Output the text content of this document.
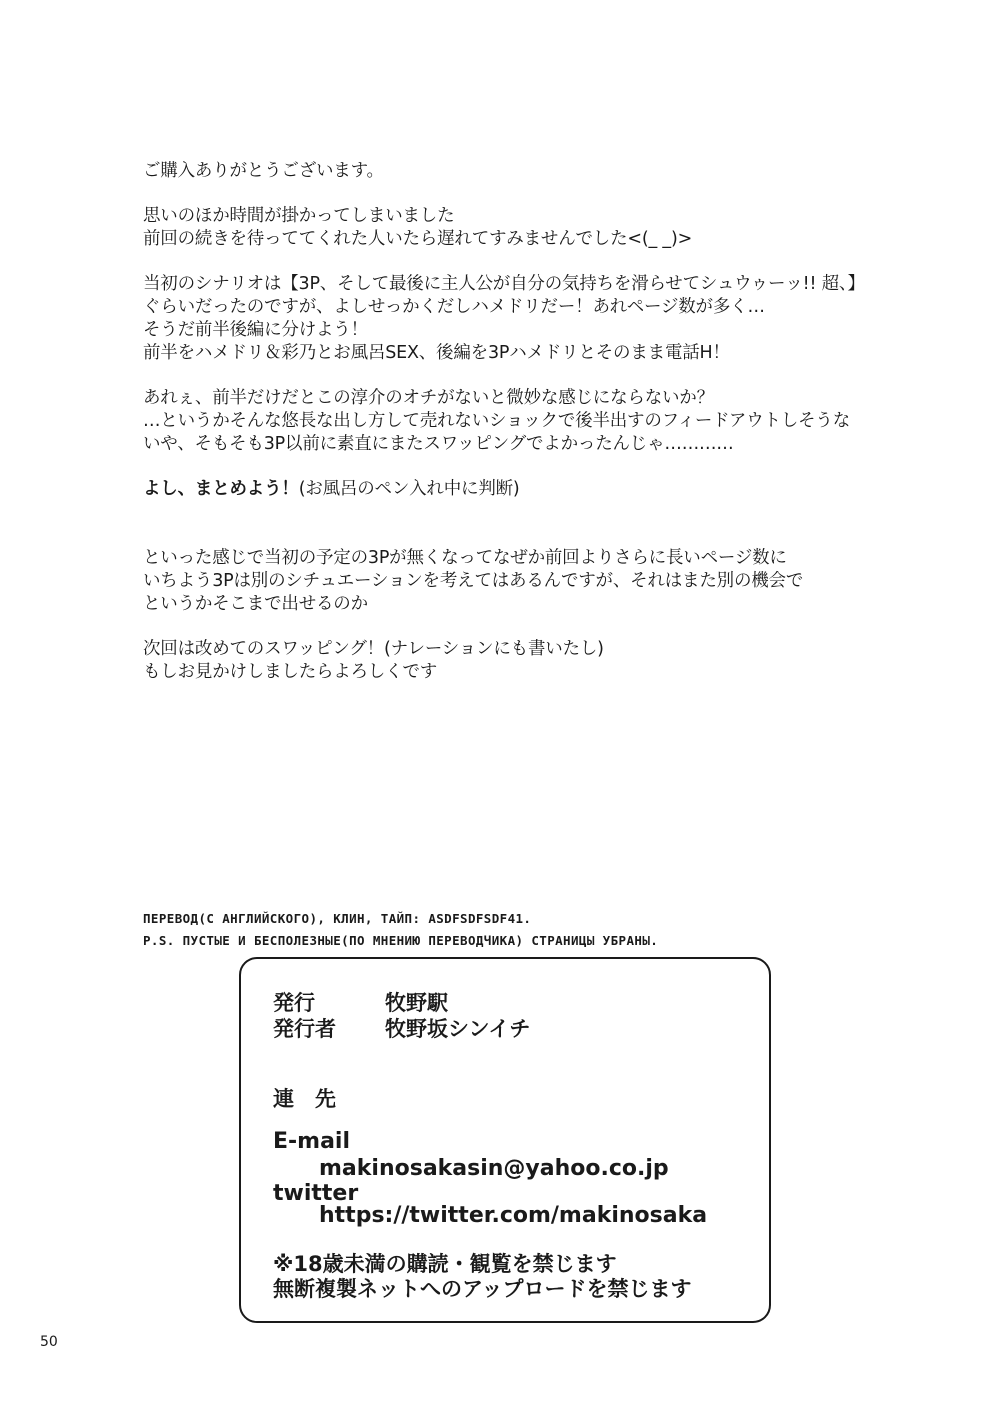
ご購入ありがとうございます。
思いのほか時間が掛かってしまいました
前回の続きを待っててくれた人いたら遅れてすみませんでした<(_ _)>
当初のシナリオは【3P、そして最後に主人公が自分の気持ちを滑らせてシュウゥーッ!! 超、】
ぐらいだったのですが、よしせっかくだしハメドリだー！あれページ数が多く…
そうだ前半後編に分けよう！
前半をハメドリ＆彩乃とお風呂SEX、後編を3Pハメドリとそのまま電話H！
あれぇ、前半だけだとこの淳介のオチがないと微妙な感じにならないか？
…というかそんな悠長な出し方して売れないショックで後半出すのフィードアウトしそうな
いや、そもそも3P以前に素直にまたスワッピングでよかったんじゃ…………
よし、まとめよう！(お風呂のペン入れ中に判断)
といった感じで当初の予定の3Pが無くなってなぜか前回よりさらに長いページ数に
いちよう3Pは別のシチュエーションを考えてはあるんですが、それはまた別の機会で
というかそこまで出せるのか
次回は改めてのスワッピング！(ナレーションにも書いたし)
もしお見かけしましたらよろしくです
ПЕРЕВОД(С АНГЛИЙСКОГО), КЛИН, ТАЙП: ASDFSDFSDF41.
P.S. ПУСТЫЕ И БЕСПОЛЕЗНЫЕ(ПО МНЕНИЮ ПЕРЕВОДЧИКА) СТРАНИЦЫ УБРАНЫ.
発行	牧野駅
発行者 牧野坂シンイチ
連　先
E-mail
makinosakasin@yahoo.co.jp
twitter
https://twitter.com/makinosaka
※18歳未満の購読・観覧を禁じます
無断複製ネットへのアップロードを禁じます
50
